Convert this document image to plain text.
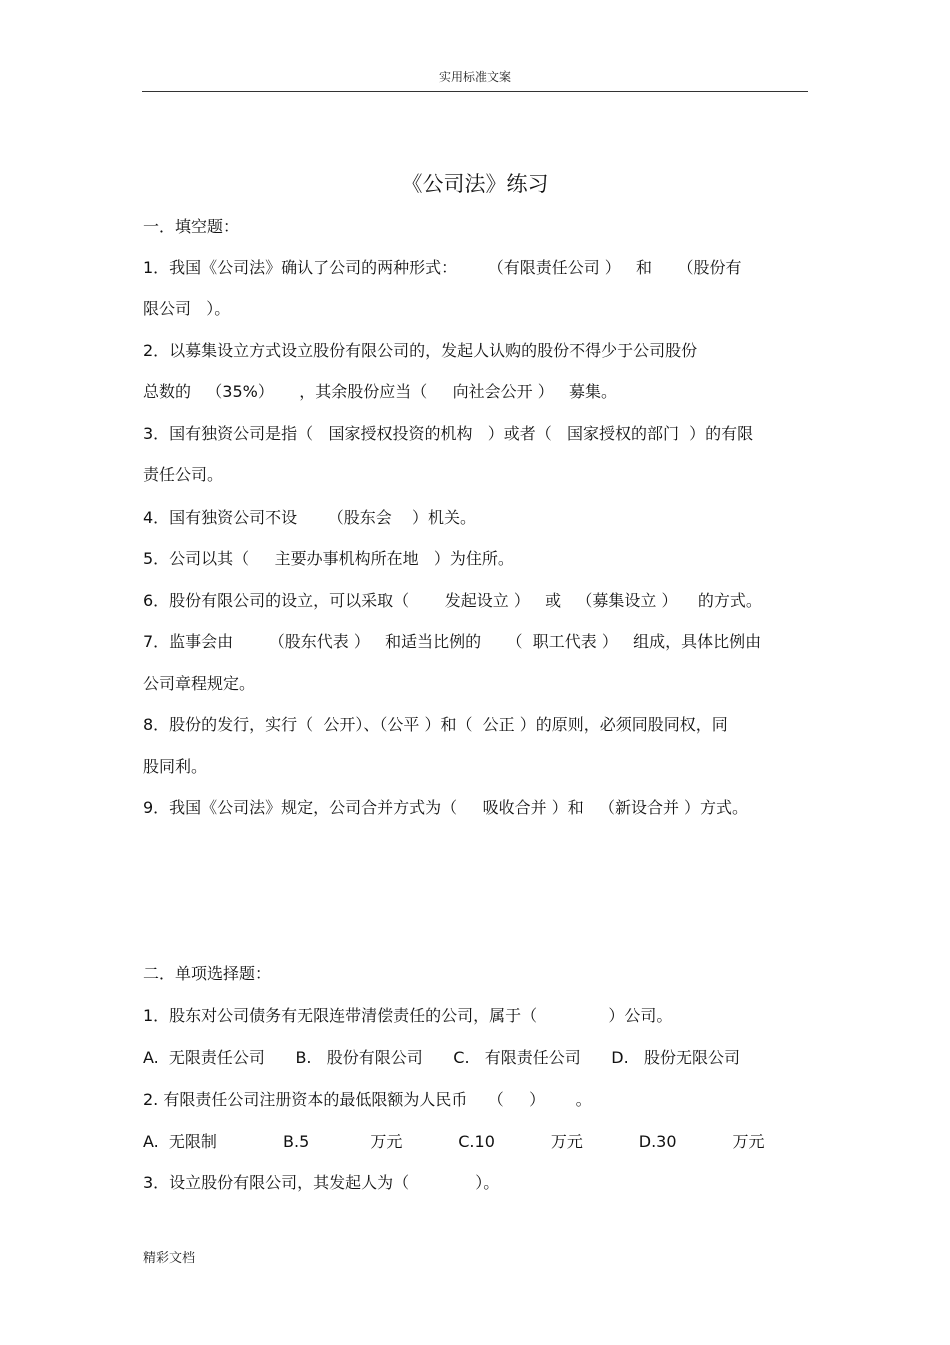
实用标准文案
《公司法》练习
一．填空题：
1．我国《公司法》确认了公司的两种形式：      （有限责任公司 ）   和     （股份有
限公司   ）。
2．以募集设立方式设立股份有限公司的，发起人认购的股份不得少于公司股份
总数的   （35%）     ，其余股份应当（     向社会公开 ）   募集。
3．国有独资公司是指（   国家授权投资的机构   ）或者（   国家授权的部门  ）的有限
责任公司。
4．国有独资公司不设      （股东会    ）机关。
5．公司以其（     主要办事机构所在地   ）为住所。
6．股份有限公司的设立，可以采取（       发起设立 ）   或   （募集设立 ）    的方式。
7．监事会由       （股东代表 ）   和适当比例的     （  职工代表 ）   组成，具体比例由
公司章程规定。
8．股份的发行，实行（  公开）、（公平 ）和（  公正 ）的原则，必须同股同权，同
股同利。
9．我国《公司法》规定，公司合并方式为（     吸收合并 ）和   （新设合并 ）方式。
二．单项选择题：
1．股东对公司债务有无限连带清偿责任的公司，属于（              ）公司。
A.  无限责任公司      B.   股份有限公司      C.   有限责任公司      D.   股份无限公司
2. 有限责任公司注册资本的最低限额为人民币    （     ）      。
A.  无限制             B.5            万元           C.10           万元           D.30           万元
3．设立股份有限公司，其发起人为（             ）。
精彩文档
